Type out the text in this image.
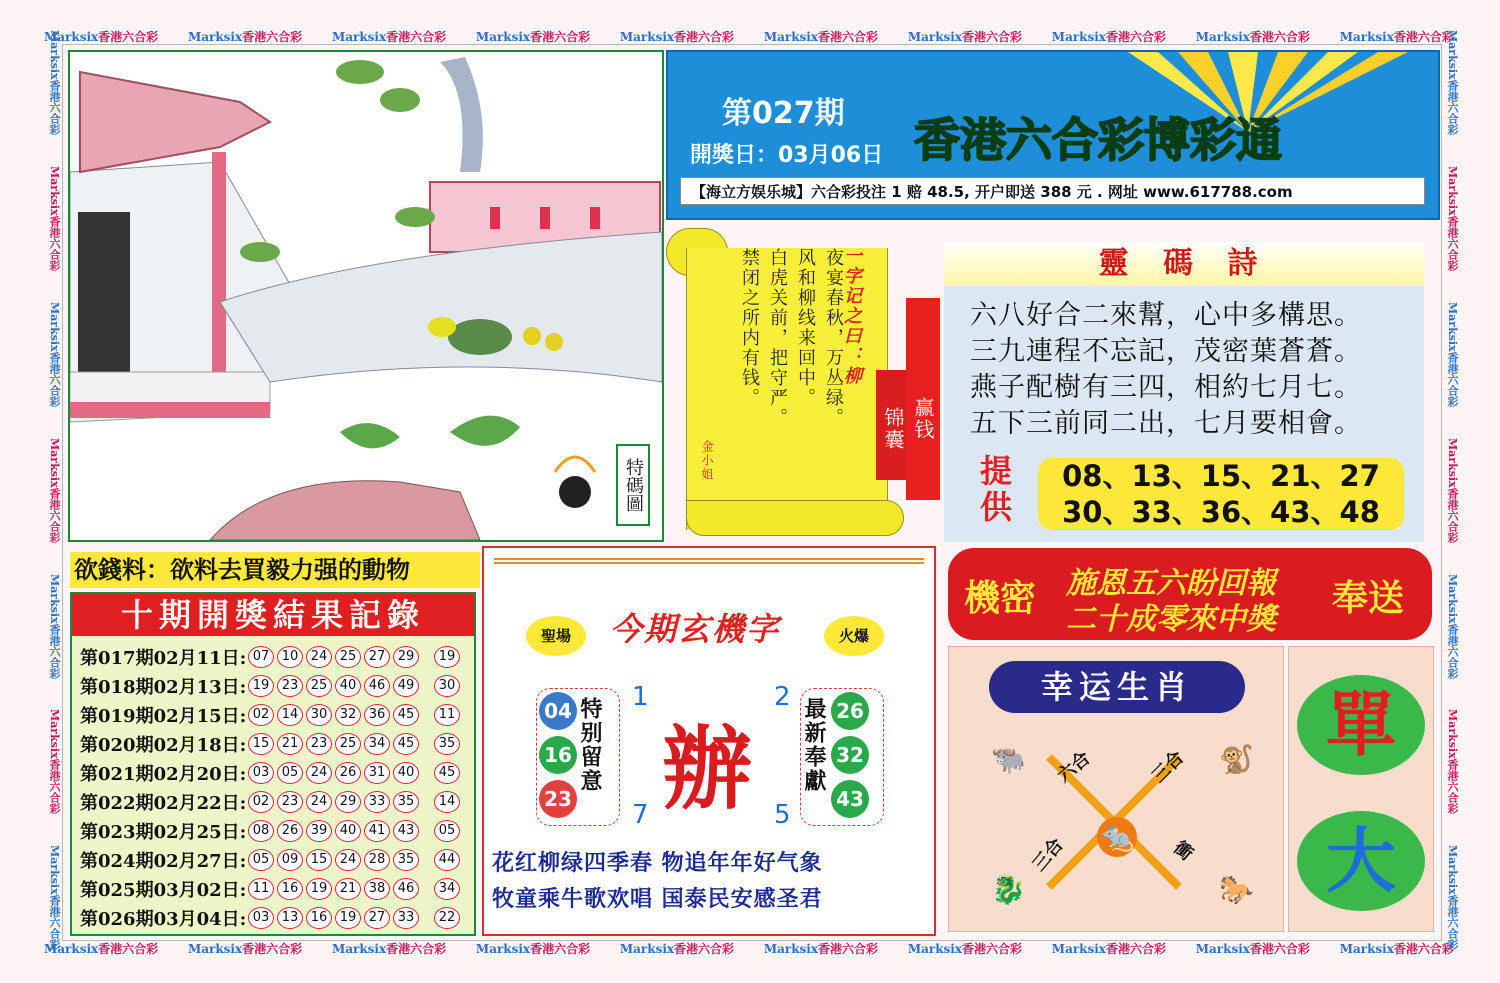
Marksix香港六合彩 Marksix香港六合彩 Marksix香港六合彩 Marksix香港六合彩 Marksix香港六合彩 Marksix香港六合彩 Marksix香港六合彩 Marksix香港六合彩 Marksix香港六合彩 Marksix香港六合彩
Marksix香港六合彩 Marksix香港六合彩 Marksix香港六合彩 Marksix香港六合彩 Marksix香港六合彩 Marksix香港六合彩 Marksix香港六合彩 Marksix香港六合彩 Marksix香港六合彩 Marksix香港六合彩
Marksix香港六合彩
Marksix香港六合彩
Marksix香港六合彩
Marksix香港六合彩
Marksix香港六合彩
Marksix香港六合彩
Marksix香港六合彩
Marksix香港六合彩
Marksix香港六合彩
Marksix香港六合彩
Marksix香港六合彩
Marksix香港六合彩
Marksix香港六合彩
Marksix香港六合彩
特碼圖
第027期
開獎日：03月06日 香港六合彩博彩通
【海立方娱乐城】六合彩投注 1 赔 48.5, 开户即送 388 元 . 网址 www.617788.com
夜宴春秋，万丛绿。
风和柳线来回中。
白虎关前，把守严。
禁闭之所内有钱。	一字记之曰：柳
金小姐
锦囊 赢钱
靈 碼 詩
六八好合二來幫，心中多構思。
三九連程不忘記，茂密葉蒼蒼。
燕子配樹有三四，相約七月七。
五下三前同二出，七月要相會。
提供	08、13、15、21、27
30、33、36、43、48
機密 施恩五六盼回報
二十成零來中獎
奉送
幸运生肖
六合	三合
三合	衝
🐀
🐃	🐒
🐉	🐎
單
大
欲錢料：欲料去買毅力强的動物
十期開獎結果記錄
第017期02月11日: 07 10 24 25 27 29	19
第018期02月13日: 19 23 25 40 46 49	30
第019期02月15日: 02 14 30 32 36 45	11
第020期02月18日: 15 21 23 25 34 45	35
第021期02月20日: 03 05 24 26 31 40	45
第022期02月22日: 02 23 24 29 33 35	14
第023期02月25日: 08 26 39 40 41 43	05
第024期02月27日: 05 09 15 24 28 35	44
第025期03月02日: 11 16 19 21 38 46	34
第026期03月04日: 03 13 16 19 27 33	22
今期玄機字
聖場	火爆
04
16
23
特别留意	最新奉獻 26
32
43
1	2
7	5
辦
花红柳绿四季春 物追年年好气象
牧童乘牛歌欢唱 国泰民安感圣君
